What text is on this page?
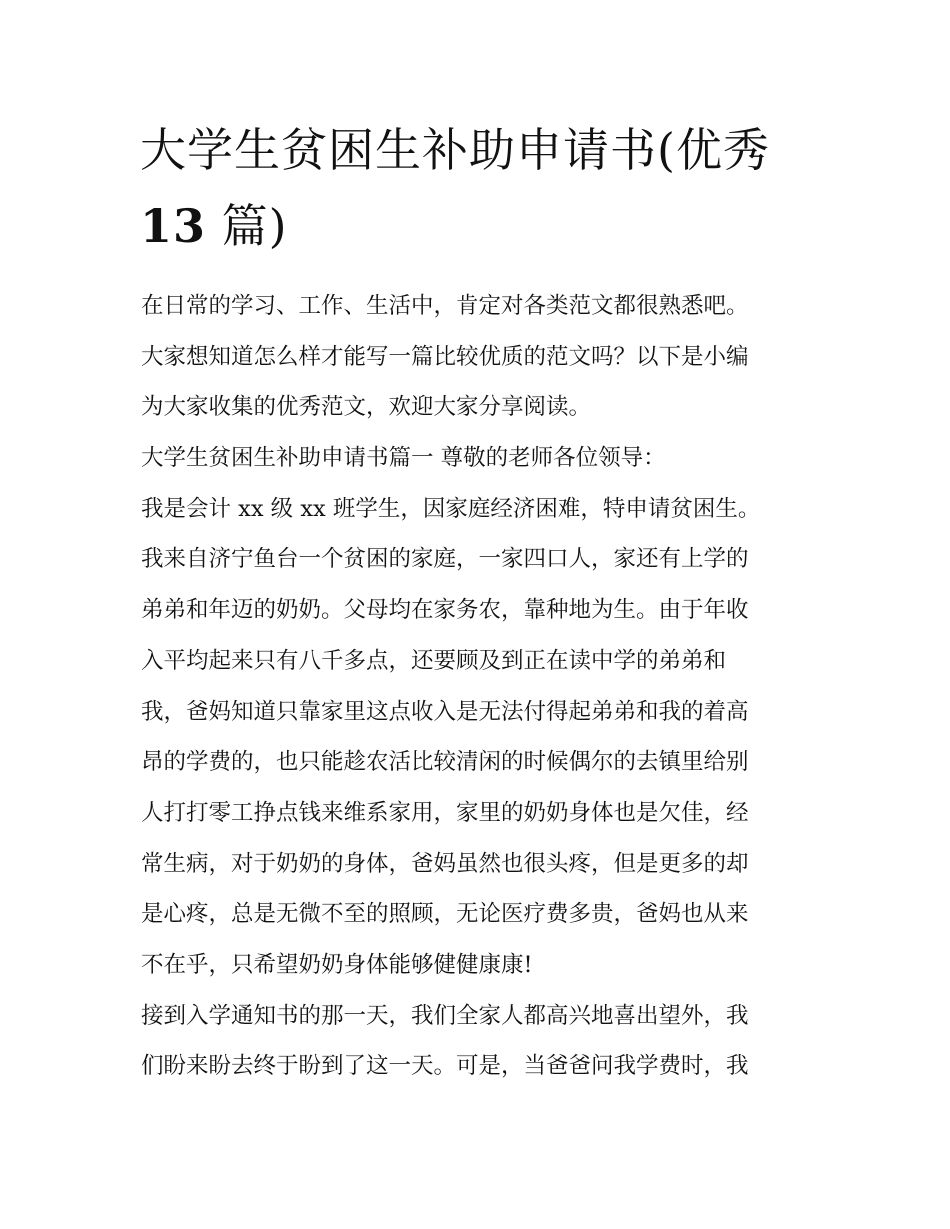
大学生贫困生补助申请书(优秀
13 篇)
在日常的学习、工作、生活中，肯定对各类范文都很熟悉吧。
大家想知道怎么样才能写一篇比较优质的范文吗？以下是小编
为大家收集的优秀范文，欢迎大家分享阅读。
大学生贫困生补助申请书篇一 尊敬的老师各位领导：
我是会计 xx 级 xx 班学生，因家庭经济困难，特申请贫困生。
我来自济宁鱼台一个贫困的家庭，一家四口人，家还有上学的
弟弟和年迈的奶奶。父母均在家务农，靠种地为生。由于年收
入平均起来只有八千多点，还要顾及到正在读中学的弟弟和
我，爸妈知道只靠家里这点收入是无法付得起弟弟和我的着高
昂的学费的，也只能趁农活比较清闲的时候偶尔的去镇里给别
人打打零工挣点钱来维系家用，家里的奶奶身体也是欠佳，经
常生病，对于奶奶的身体，爸妈虽然也很头疼，但是更多的却
是心疼，总是无微不至的照顾，无论医疗费多贵，爸妈也从来
不在乎，只希望奶奶身体能够健健康康!
接到入学通知书的那一天，我们全家人都高兴地喜出望外，我
们盼来盼去终于盼到了这一天。可是，当爸爸问我学费时，我
